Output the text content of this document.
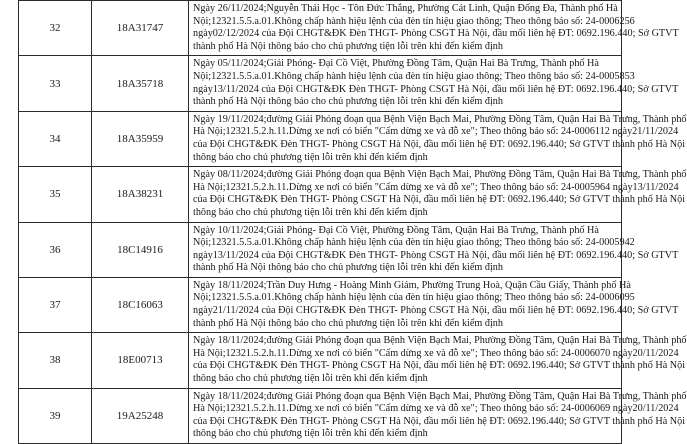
32	18A31747	Ngày 26/11/2024;Nguyễn Thái Học - Tôn Đức Thắng, Phường Cát Linh, Quận Đống Đa, Thành phố Hà
Nội;12321.5.5.a.01.Không chấp hành hiệu lệnh của đèn tín hiệu giao thông; Theo thông báo số: 24-0006256
ngày02/12/2024 của Đội CHGT&ĐK Đèn THGT- Phòng CSGT Hà Nội, đầu mối liên hệ ĐT: 0692.196.440; Sở GTVT
thành phố Hà Nội thông báo cho chủ phương tiện lỗi trên khi đến kiểm định

33	18A35718	Ngày 05/11/2024;Giải Phóng- Đại Cồ Việt, Phường Đồng Tâm, Quận Hai Bà Trưng, Thành phố Hà
Nội;12321.5.5.a.01.Không chấp hành hiệu lệnh của đèn tín hiệu giao thông; Theo thông báo số: 24-0005853
ngày13/11/2024 của Đội CHGT&ĐK Đèn THGT- Phòng CSGT Hà Nội, đầu mối liên hệ ĐT: 0692.196.440; Sở GTVT
thành phố Hà Nội thông báo cho chủ phương tiện lỗi trên khi đến kiểm định

34	18A35959	Ngày 19/11/2024;đường Giải Phóng đoạn qua Bệnh Viện Bạch Mai, Phường Đồng Tâm, Quận Hai Bà Trưng, Thành phố
Hà Nội;12321.5.2.h.11.Dừng xe nơi có biển "Cấm dừng xe và đỗ xe"; Theo thông báo số: 24-0006112 ngày21/11/2024
của Đội CHGT&ĐK Đèn THGT- Phòng CSGT Hà Nội, đầu mối liên hệ ĐT: 0692.196.440; Sở GTVT thành phố Hà Nội
thông báo cho chủ phương tiện lỗi trên khi đến kiểm định

35	18A38231	Ngày 08/11/2024;đường Giải Phóng đoạn qua Bệnh Viện Bạch Mai, Phường Đồng Tâm, Quận Hai Bà Trưng, Thành phố
Hà Nội;12321.5.2.h.11.Dừng xe nơi có biển "Cấm dừng xe và đỗ xe"; Theo thông báo số: 24-0005964 ngày13/11/2024
của Đội CHGT&ĐK Đèn THGT- Phòng CSGT Hà Nội, đầu mối liên hệ ĐT: 0692.196.440; Sở GTVT thành phố Hà Nội
thông báo cho chủ phương tiện lỗi trên khi đến kiểm định

36	18C14916	Ngày 10/11/2024;Giải Phóng- Đại Cồ Việt, Phường Đồng Tâm, Quận Hai Bà Trưng, Thành phố Hà
Nội;12321.5.5.a.01.Không chấp hành hiệu lệnh của đèn tín hiệu giao thông; Theo thông báo số: 24-0005942
ngày13/11/2024 của Đội CHGT&ĐK Đèn THGT- Phòng CSGT Hà Nội, đầu mối liên hệ ĐT: 0692.196.440; Sở GTVT
thành phố Hà Nội thông báo cho chủ phương tiện lỗi trên khi đến kiểm định

37	18C16063	Ngày 18/11/2024;Trần Duy Hưng - Hoàng Minh Giám, Phường Trung Hoà, Quận Cầu Giấy, Thành phố Hà
Nội;12321.5.5.a.01.Không chấp hành hiệu lệnh của đèn tín hiệu giao thông; Theo thông báo số: 24-0006095
ngày21/11/2024 của Đội CHGT&ĐK Đèn THGT- Phòng CSGT Hà Nội, đầu mối liên hệ ĐT: 0692.196.440; Sở GTVT
thành phố Hà Nội thông báo cho chủ phương tiện lỗi trên khi đến kiểm định

38	18E00713	Ngày 18/11/2024;đường Giải Phóng đoạn qua Bệnh Viện Bạch Mai, Phường Đồng Tâm, Quận Hai Bà Trưng, Thành phố
Hà Nội;12321.5.2.h.11.Dừng xe nơi có biển "Cấm dừng xe và đỗ xe"; Theo thông báo số: 24-0006070 ngày20/11/2024
của Đội CHGT&ĐK Đèn THGT- Phòng CSGT Hà Nội, đầu mối liên hệ ĐT: 0692.196.440; Sở GTVT thành phố Hà Nội
thông báo cho chủ phương tiện lỗi trên khi đến kiểm định

39	19A25248	Ngày 18/11/2024;đường Giải Phóng đoạn qua Bệnh Viện Bạch Mai, Phường Đồng Tâm, Quận Hai Bà Trưng, Thành phố
Hà Nội;12321.5.2.h.11.Dừng xe nơi có biển "Cấm dừng xe và đỗ xe"; Theo thông báo số: 24-0006069 ngày20/11/2024
của Đội CHGT&ĐK Đèn THGT- Phòng CSGT Hà Nội, đầu mối liên hệ ĐT: 0692.196.440; Sở GTVT thành phố Hà Nội
thông báo cho chủ phương tiện lỗi trên khi đến kiểm định
